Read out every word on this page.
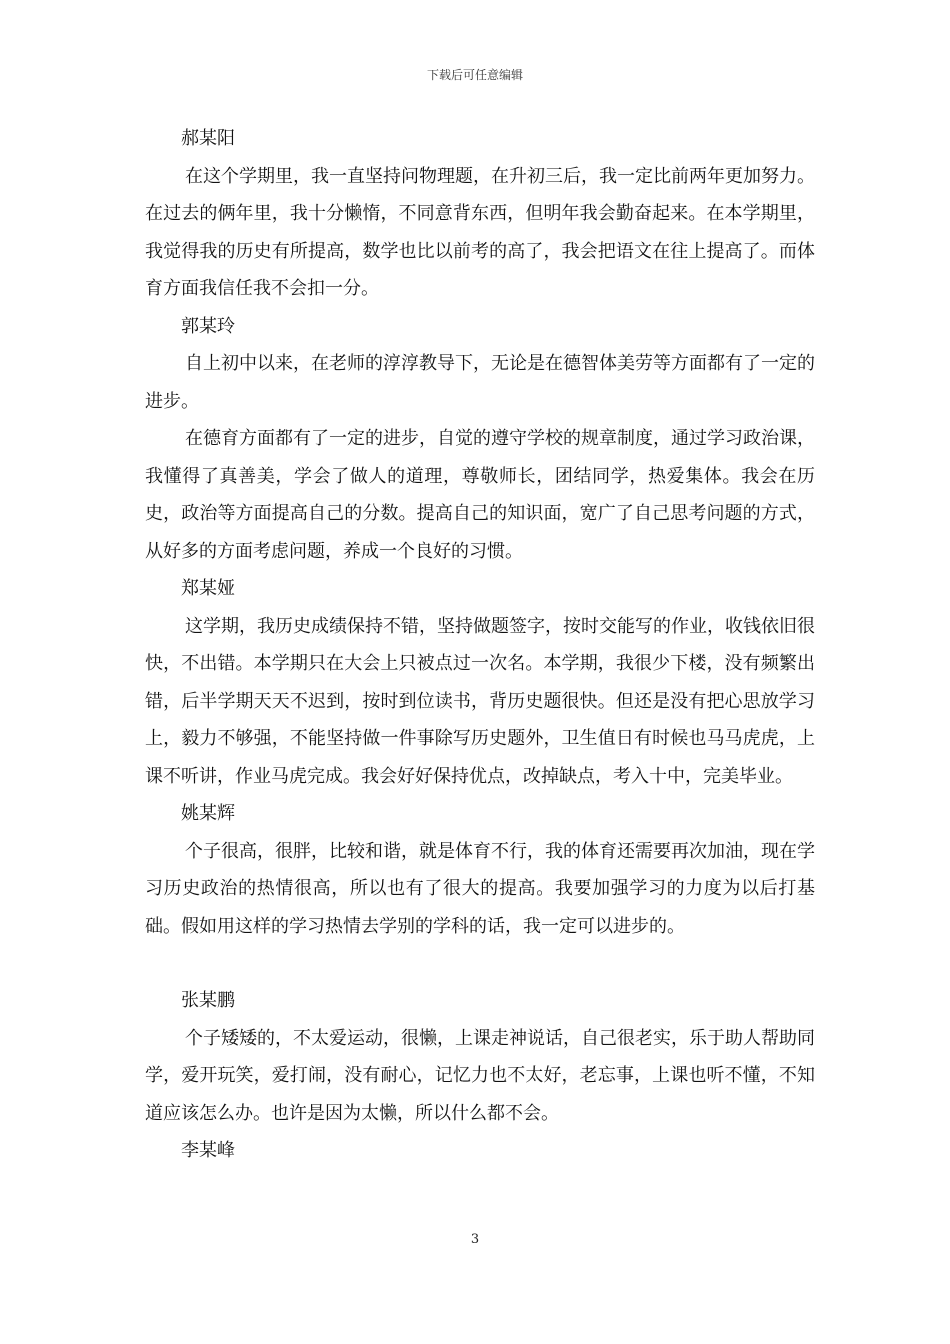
下载后可任意编辑

郝某阳

在这个学期里，我一直坚持问物理题，在升初三后，我一定比前两年更加努力。在过去的俩年里，我十分懒惰，不同意背东西，但明年我会勤奋起来。在本学期里，我觉得我的历史有所提高，数学也比以前考的高了，我会把语文在往上提高了。而体育方面我信任我不会扣一分。

郭某玲

自上初中以来，在老师的淳淳教导下，无论是在德智体美劳等方面都有了一定的进步。

在德育方面都有了一定的进步，自觉的遵守学校的规章制度，通过学习政治课，我懂得了真善美，学会了做人的道理，尊敬师长，团结同学，热爱集体。我会在历史，政治等方面提高自己的分数。提高自己的知识面，宽广了自己思考问题的方式，从好多的方面考虑问题，养成一个良好的习惯。

郑某娅

这学期，我历史成绩保持不错，坚持做题签字，按时交能写的作业，收钱依旧很快，不出错。本学期只在大会上只被点过一次名。本学期，我很少下楼，没有频繁出错，后半学期天天不迟到，按时到位读书，背历史题很快。但还是没有把心思放学习上，毅力不够强，不能坚持做一件事除写历史题外，卫生值日有时候也马马虎虎，上课不听讲，作业马虎完成。我会好好保持优点，改掉缺点，考入十中，完美毕业。

姚某辉

个子很高，很胖，比较和谐，就是体育不行，我的体育还需要再次加油，现在学习历史政治的热情很高，所以也有了很大的提高。我要加强学习的力度为以后打基础。假如用这样的学习热情去学别的学科的话，我一定可以进步的。

张某鹏

个子矮矮的，不太爱运动，很懒，上课走神说话，自己很老实，乐于助人帮助同学，爱开玩笑，爱打闹，没有耐心，记忆力也不太好，老忘事，上课也听不懂，不知道应该怎么办。也许是因为太懒，所以什么都不会。

李某峰

3
